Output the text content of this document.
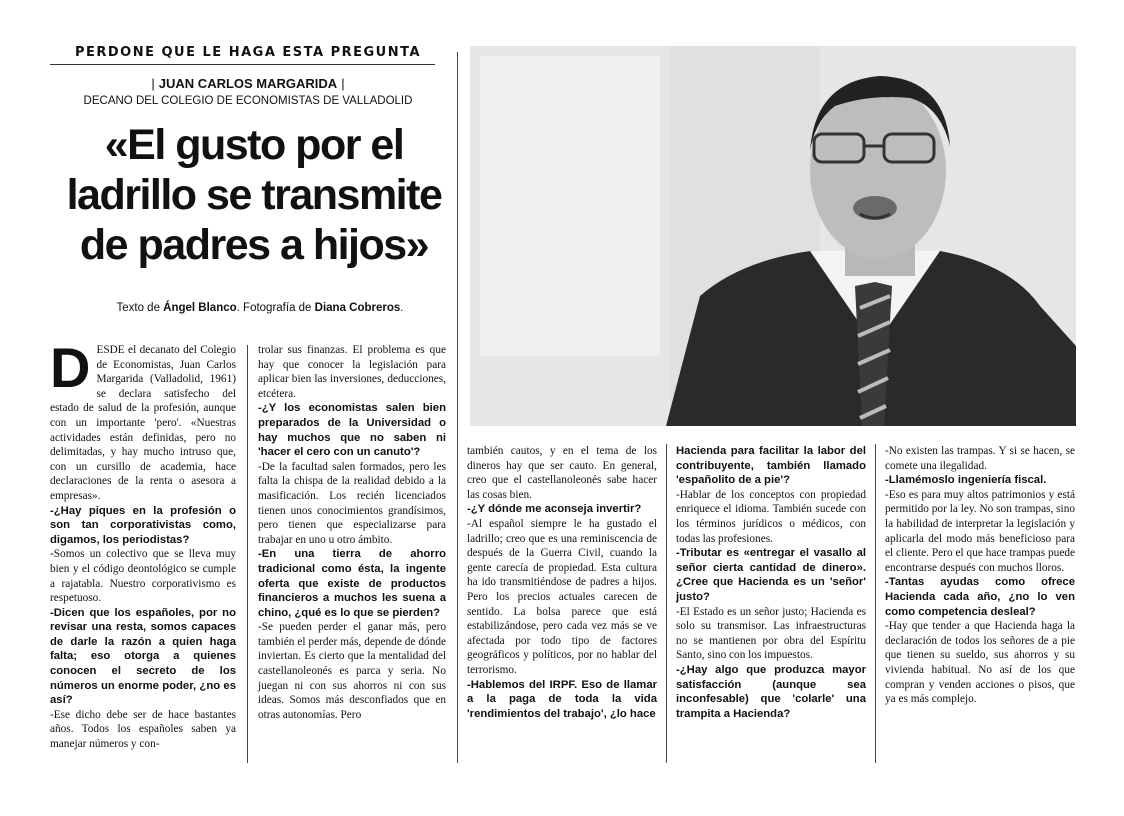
PERDONE QUE LE HAGA ESTA PREGUNTA
| JUAN CARLOS MARGARIDA |
DECANO DEL COLEGIO DE ECONOMISTAS DE VALLADOLID
«El gusto por el
ladrillo se transmite
de padres a hijos»
Texto de Ángel Blanco. Fotografía de Diana Cobreros.
D ESDE el decanato del Colegio de Economistas, Juan Carlos Margarida (Valladolid, 1961) se declara satisfecho del estado de salud de la profesión, aunque con un importante 'pero'. «Nuestras actividades están definidas, pero no delimitadas, y hay mucho intruso que, con un cursillo de academia, hace declaraciones de la renta o asesora a empresas».

-¿Hay piques en la profesión o son tan corporativistas como, digamos, los periodistas?

-Somos un colectivo que se lleva muy bien y el código deontológico se cumple a rajatabla. Nuestro corporativismo es respetuoso.

-Dicen que los españoles, por no revisar una resta, somos capaces de darle la razón a quien haga falta; eso otorga a quienes conocen el secreto de los números un enorme poder, ¿no es así?

-Ese dicho debe ser de hace bastantes años. Todos los españoles saben ya manejar números y con-

trolar sus finanzas. El problema es que hay que conocer la legislación para aplicar bien las inversiones, deducciones, etcétera.

-¿Y los economistas salen bien preparados de la Universidad o hay muchos que no saben ni 'hacer el cero con un canuto'?

-De la facultad salen formados, pero les falta la chispa de la realidad debido a la masificación. Los recién licenciados tienen unos conocimientos grandísimos, pero tienen que especializarse para trabajar en uno u otro ámbito.

-En una tierra de ahorro tradicional como ésta, la ingente oferta que existe de productos financieros a muchos les suena a chino, ¿qué es lo que se pierden?

-Se pueden perder el ganar más, pero también el perder más, depende de dónde inviertan. Es cierto que la mentalidad del castellanoleonés es parca y seria. No juegan ni con sus ahorros ni con sus ideas. Somos más desconfiados que en otras autonomías. Pero

también cautos, y en el tema de los dineros hay que ser cauto. En general, creo que el castellanoleonés sabe hacer las cosas bien.

-¿Y dónde me aconseja invertir?

-Al español siempre le ha gustado el ladrillo; creo que es una reminiscencia de después de la Guerra Civil, cuando la gente carecía de propiedad. Esta cultura ha ido transmitiéndose de padres a hijos. Pero los precios actuales carecen de sentido. La bolsa parece que está estabilizándose, pero cada vez más se ve afectada por todo tipo de factores geográficos y políticos, por no hablar del terrorismo.

-Hablemos del IRPF. Eso de llamar a la paga de toda la vida 'rendimientos del trabajo', ¿lo hace

Hacienda para facilitar la labor del contribuyente, también llamado 'españolito de a pie'?

-Hablar de los conceptos con propiedad enriquece el idioma. También sucede con los términos jurídicos o médicos, con todas las profesiones.

-Tributar es «entregar el vasallo al señor cierta cantidad de dinero». ¿Cree que Hacienda es un 'señor' justo?

-El Estado es un señor justo; Hacienda es solo su transmisor. Las infraestructuras no se mantienen por obra del Espíritu Santo, sino con los impuestos.

-¿Hay algo que produzca mayor satisfacción (aunque sea inconfesable) que 'colarle' una trampita a Hacienda?

-No existen las trampas. Y si se hacen, se comete una ilegalidad.

-Llamémoslo ingeniería fiscal.

-Eso es para muy altos patrimonios y está permitido por la ley. No son trampas, sino la habilidad de interpretar la legislación y aplicarla del modo más beneficioso para el cliente. Pero el que hace trampas puede encontrarse después con muchos lloros.

-Tantas ayudas como ofrece Hacienda cada año, ¿no lo ven como competencia desleal?

-Hay que tender a que Hacienda haga la declaración de todos los señores de a pie que tienen su sueldo, sus ahorros y su vivienda habitual. No así de los que compran y venden acciones o pisos, que ya es más complejo.
